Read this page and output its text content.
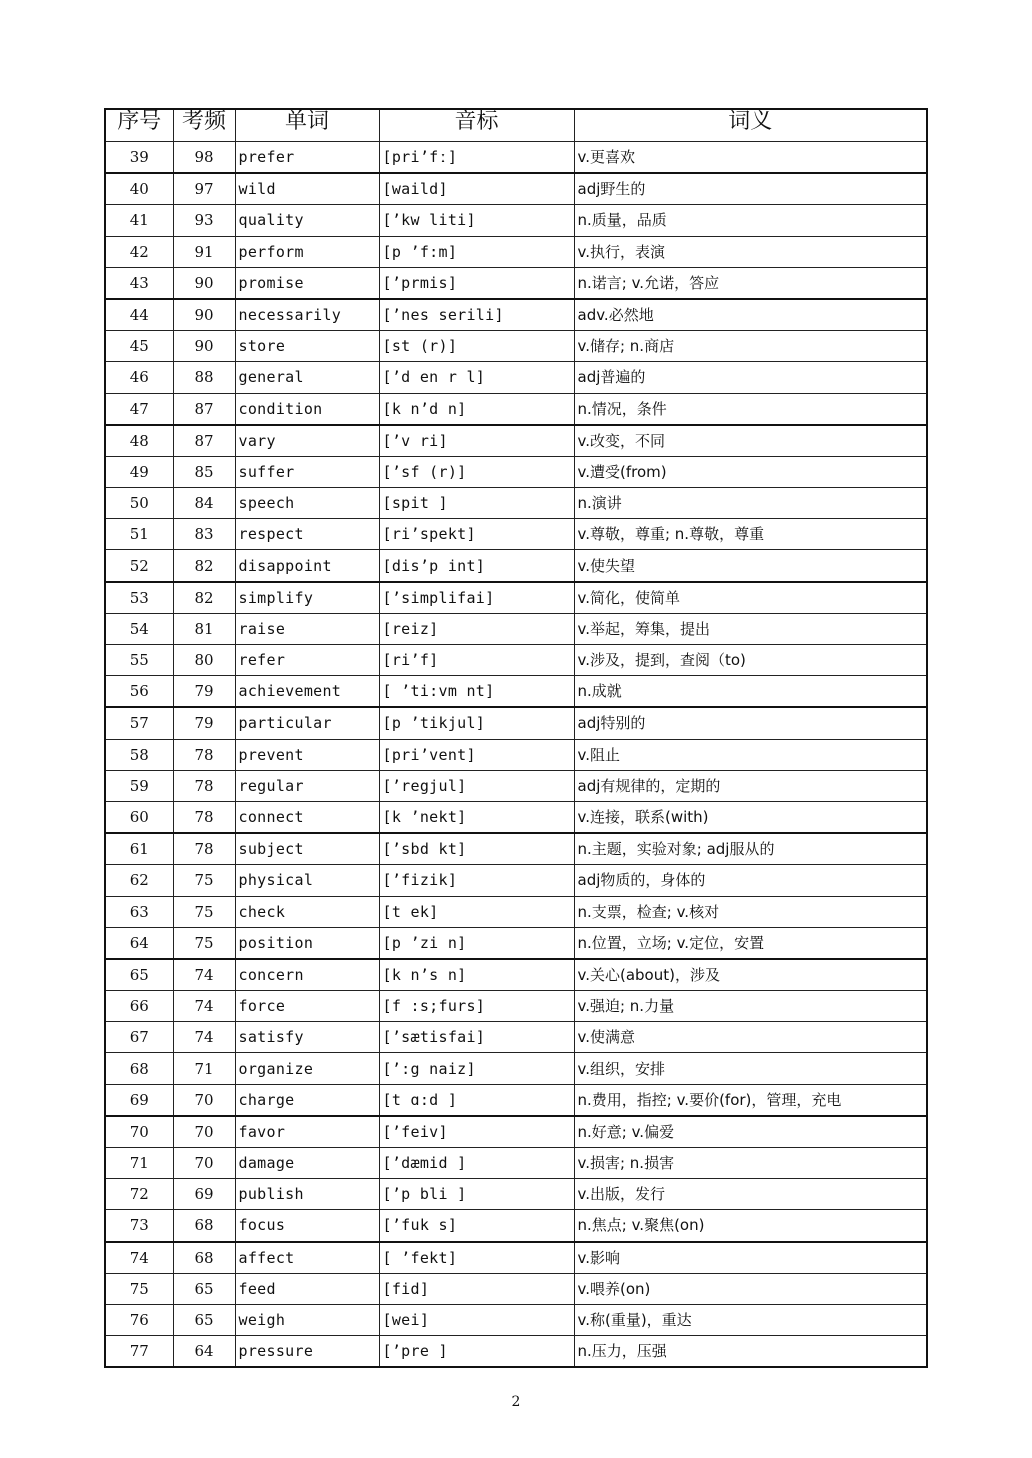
序号	考频	单词	音标	词义
39	98	prefer	[pri’fː]	v.更喜欢
40	97	wild	[waild]	adj野生的
41	93	quality	[’kw liti]	n.质量，品质
42	91	perform	[p ’f:m]	v.执行，表演
43	90	promise	[’prmis]	n.诺言; v.允诺，答应
44	90	necessarily	[’nes serili]	adv.必然地
45	90	store	[st (r)]	v.储存; n.商店
46	88	general	[’d en r l]	adj普遍的
47	87	condition	[k n’d n]	n.情况，条件
48	87	vary	[’v ri]	v.改变，不同
49	85	suffer	[’sf (r)]	v.遭受(from)
50	84	speech	[spit ]	n.演讲
51	83	respect	[ri’spekt]	v.尊敬，尊重; n.尊敬，尊重
52	82	disappoint	[dis’p int]	v.使失望
53	82	simplify	[’simplifai]	v.简化，使简单
54	81	raise	[reiz]	v.举起，筹集，提出
55	80	refer	[ri’f]	v.涉及，提到，查阅（to)
56	79	achievement	[ ’ti:vm nt]	n.成就
57	79	particular	[p ’tikjul]	adj特别的
58	78	prevent	[pri’vent]	v.阻止
59	78	regular	[’regjul]	adj有规律的，定期的
60	78	connect	[k ’nekt]	v.连接，联系(with)
61	78	subject	[’sbd kt]	n.主题，实验对象; adj服从的
62	75	physical	[’fizik]	adj物质的，身体的
63	75	check	[t ek]	n.支票，检查; v.核对
64	75	position	[p ’zi n]	n.位置，立场; v.定位，安置
65	74	concern	[k n’s n]	v.关心(about)，涉及
66	74	force	[f :s;furs]	v.强迫; n.力量
67	74	satisfy	[’sætisfai]	v.使满意
68	71	organize	[’:g naiz]	v.组织，安排
69	70	charge	[t ɑ:d ]	n.费用，指控; v.要价(for)，管理，充电
70	70	favor	[’feiv]	n.好意; v.偏爱
71	70	damage	[’dæmid ]	v.损害; n.损害
72	69	publish	[’p bli ]	v.出版，发行
73	68	focus	[’fuk s]	n.焦点; v.聚焦(on)
74	68	affect	[ ’fekt]	v.影响
75	65	feed	[fid]	v.喂养(on)
76	65	weigh	[wei]	v.称(重量)，重达
77	64	pressure	[’pre ]	n.压力，压强
2
